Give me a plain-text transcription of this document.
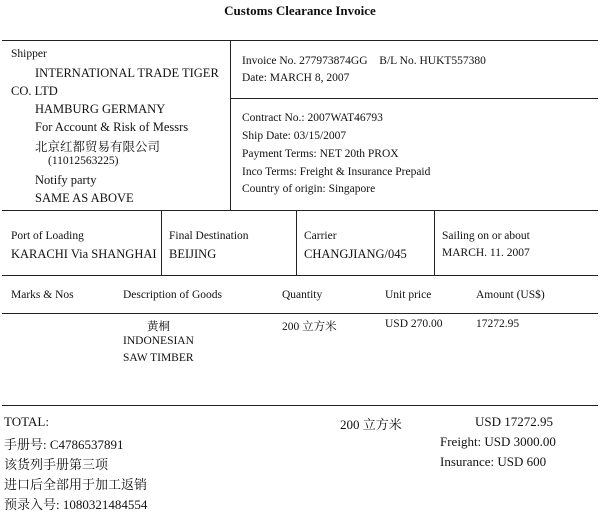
Customs Clearance Invoice
Shipper
INTERNATIONAL TRADE TIGER
CO. LTD
HAMBURG GERMANY
For Account & Risk of Messrs
北京红都贸易有限公司
(11012563225)
Notify party
SAME AS ABOVE
Invoice No. 277973874GG B/L No. HUKT557380
Date: MARCH 8, 2007
Contract No.: 2007WAT46793
Ship Date: 03/15/2007
Payment Terms: NET 20th PROX
Inco Terms: Freight & Insurance Prepaid
Country of origin: Singapore
Port of Loading
KARACHI Via SHANGHAI
Final Destination
BEIJING
Carrier
CHANGJIANG/045
Sailing on or about
MARCH. 11. 2007
Marks & Nos	Description of Goods	Quantity	Unit price	Amount (US$)
黄桐
INDONESIAN
SAW TIMBER
200 立方米	USD 270.00	17272.95
TOTAL:	200 立方米	USD 17272.95
手册号: C4786537891	Freight: USD 3000.00
该货列手册第三项	Insurance: USD 600
进口后全部用于加工返销
预录入号: 1080321484554
